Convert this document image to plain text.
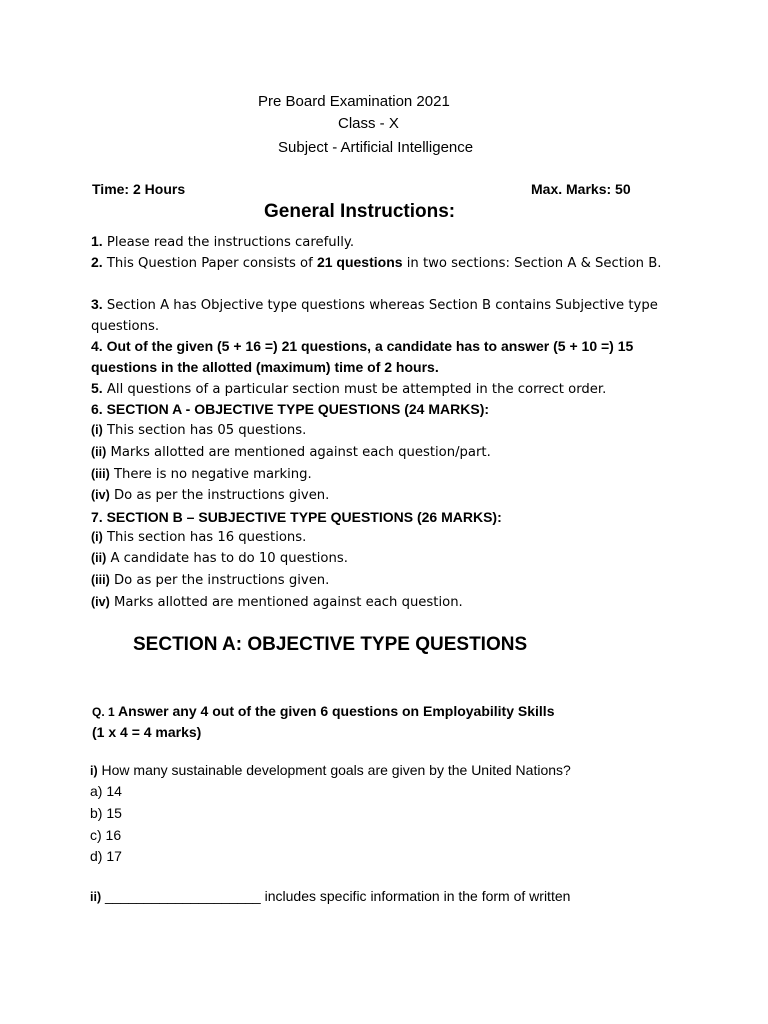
Pre Board Examination 2021
Class - X
Subject - Artificial Intelligence
Time: 2 Hours	Max. Marks: 50
General Instructions:
1. Please read the instructions carefully.
2. This Question Paper consists of 21 questions in two sections: Section A & Section B.
3. Section A has Objective type questions whereas Section B contains Subjective type questions.
4. Out of the given (5 + 16 =) 21 questions, a candidate has to answer (5 + 10 =) 15 questions in the allotted (maximum) time of 2 hours.
5. All questions of a particular section must be attempted in the correct order.
6. SECTION A - OBJECTIVE TYPE QUESTIONS (24 MARKS):
(i) This section has 05 questions.
(ii) Marks allotted are mentioned against each question/part.
(iii) There is no negative marking.
(iv) Do as per the instructions given.
7. SECTION B – SUBJECTIVE TYPE QUESTIONS (26 MARKS):
(i) This section has 16 questions.
(ii) A candidate has to do 10 questions.
(iii) Do as per the instructions given.
(iv) Marks allotted are mentioned against each question.
SECTION A: OBJECTIVE TYPE QUESTIONS
Q. 1 Answer any 4 out of the given 6 questions on Employability Skills
(1 x 4 = 4 marks)
i) How many sustainable development goals are given by the United Nations?
a) 14
b) 15
c) 16
d) 17
ii) ____________________ includes specific information in the form of written
